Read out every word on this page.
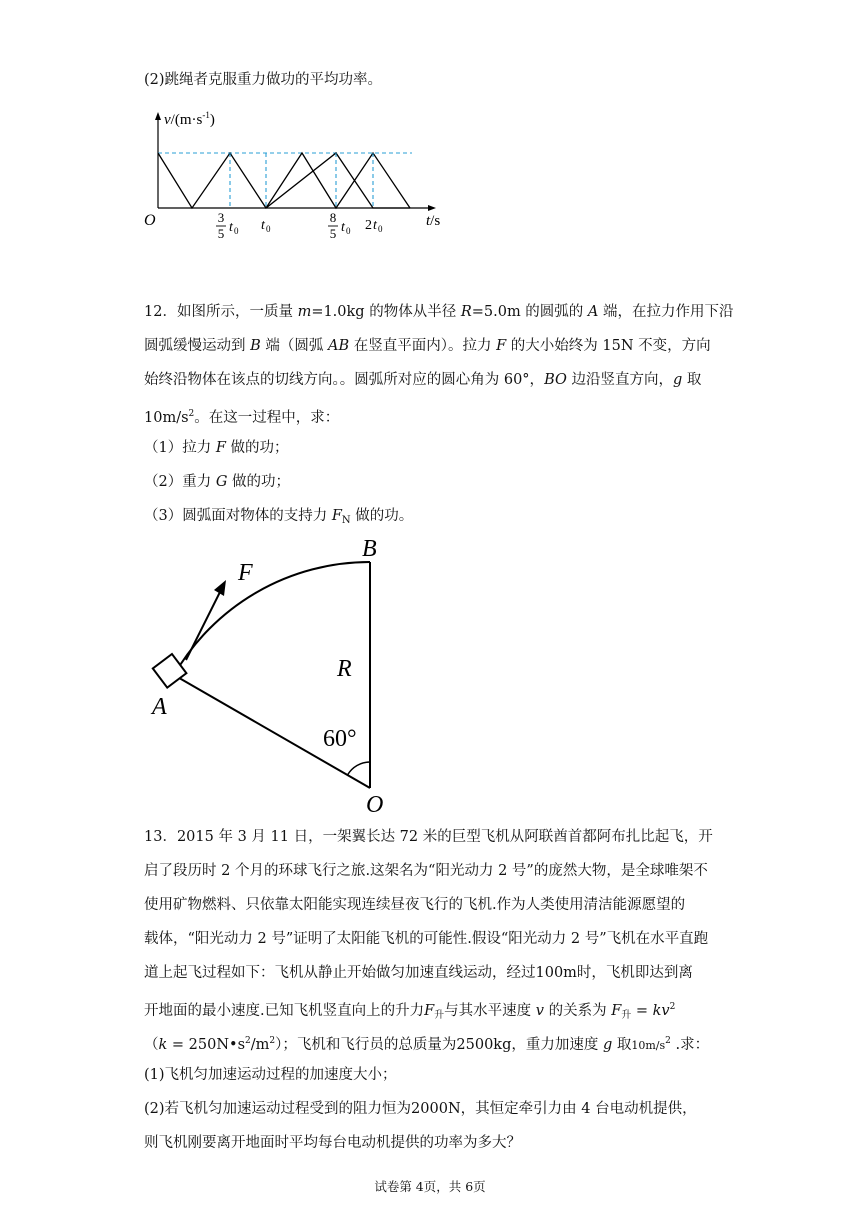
(2)跳绳者克服重力做功的平均功率。
$v/(m\cdot s^{-1})$
O	t/s
3
5 t 0 t 0
8
5 t 0 2 t 0
12．如图所示，一质量 m=1.0kg 的物体从半径 R=5.0m 的圆弧的 A 端，在拉力作用下沿
圆弧缓慢运动到 B 端（圆弧 AB 在竖直平面内）。拉力 F 的大小始终为 15N 不变，方向
始终沿物体在该点的切线方向。。圆弧所对应的圆心角为 60°，BO 边沿竖直方向，g 取
$10m/s^2$。在这一过程中，求：
（1）拉力 F 做的功；
（2）重力 G 做的功；
（3）圆弧面对物体的支持力 $F_N$ 做的功。
B
F
R
A
60°
O
13．2015 年 3 月 11 日，一架翼长达 72 米的巨型飞机从阿联酋首都阿布扎比起飞，开
启了段历时 2 个月的环球飞行之旅.这架名为“阳光动力 2 号”的庞然大物，是全球唯架不
使用矿物燃料、只依靠太阳能实现连续昼夜飞行的飞机.作为人类使用清洁能源愿望的
载体，“阳光动力 2 号”证明了太阳能飞机的可能性.假设“阳光动力 2 号”飞机在水平直跑
道上起飞过程如下：飞机从静止开始做匀加速直线运动，经过100m时，飞机即达到离
开地面的最小速度.已知飞机竖直向上的升力$F_升$与其水平速度 v 的关系为 $F_升 = kv^2$
$(k = 250N•s^2/m^2)$；飞机和飞行员的总质量为2500kg，重力加速度 g 取$10m/s^2$ .求：
(1)飞机匀加速运动过程的加速度大小；
(2)若飞机匀加速运动过程受到的阻力恒为2000N，其恒定牵引力由 4 台电动机提供，
则飞机刚要离开地面时平均每台电动机提供的功率为多大？
试卷第 4页，共 6页
